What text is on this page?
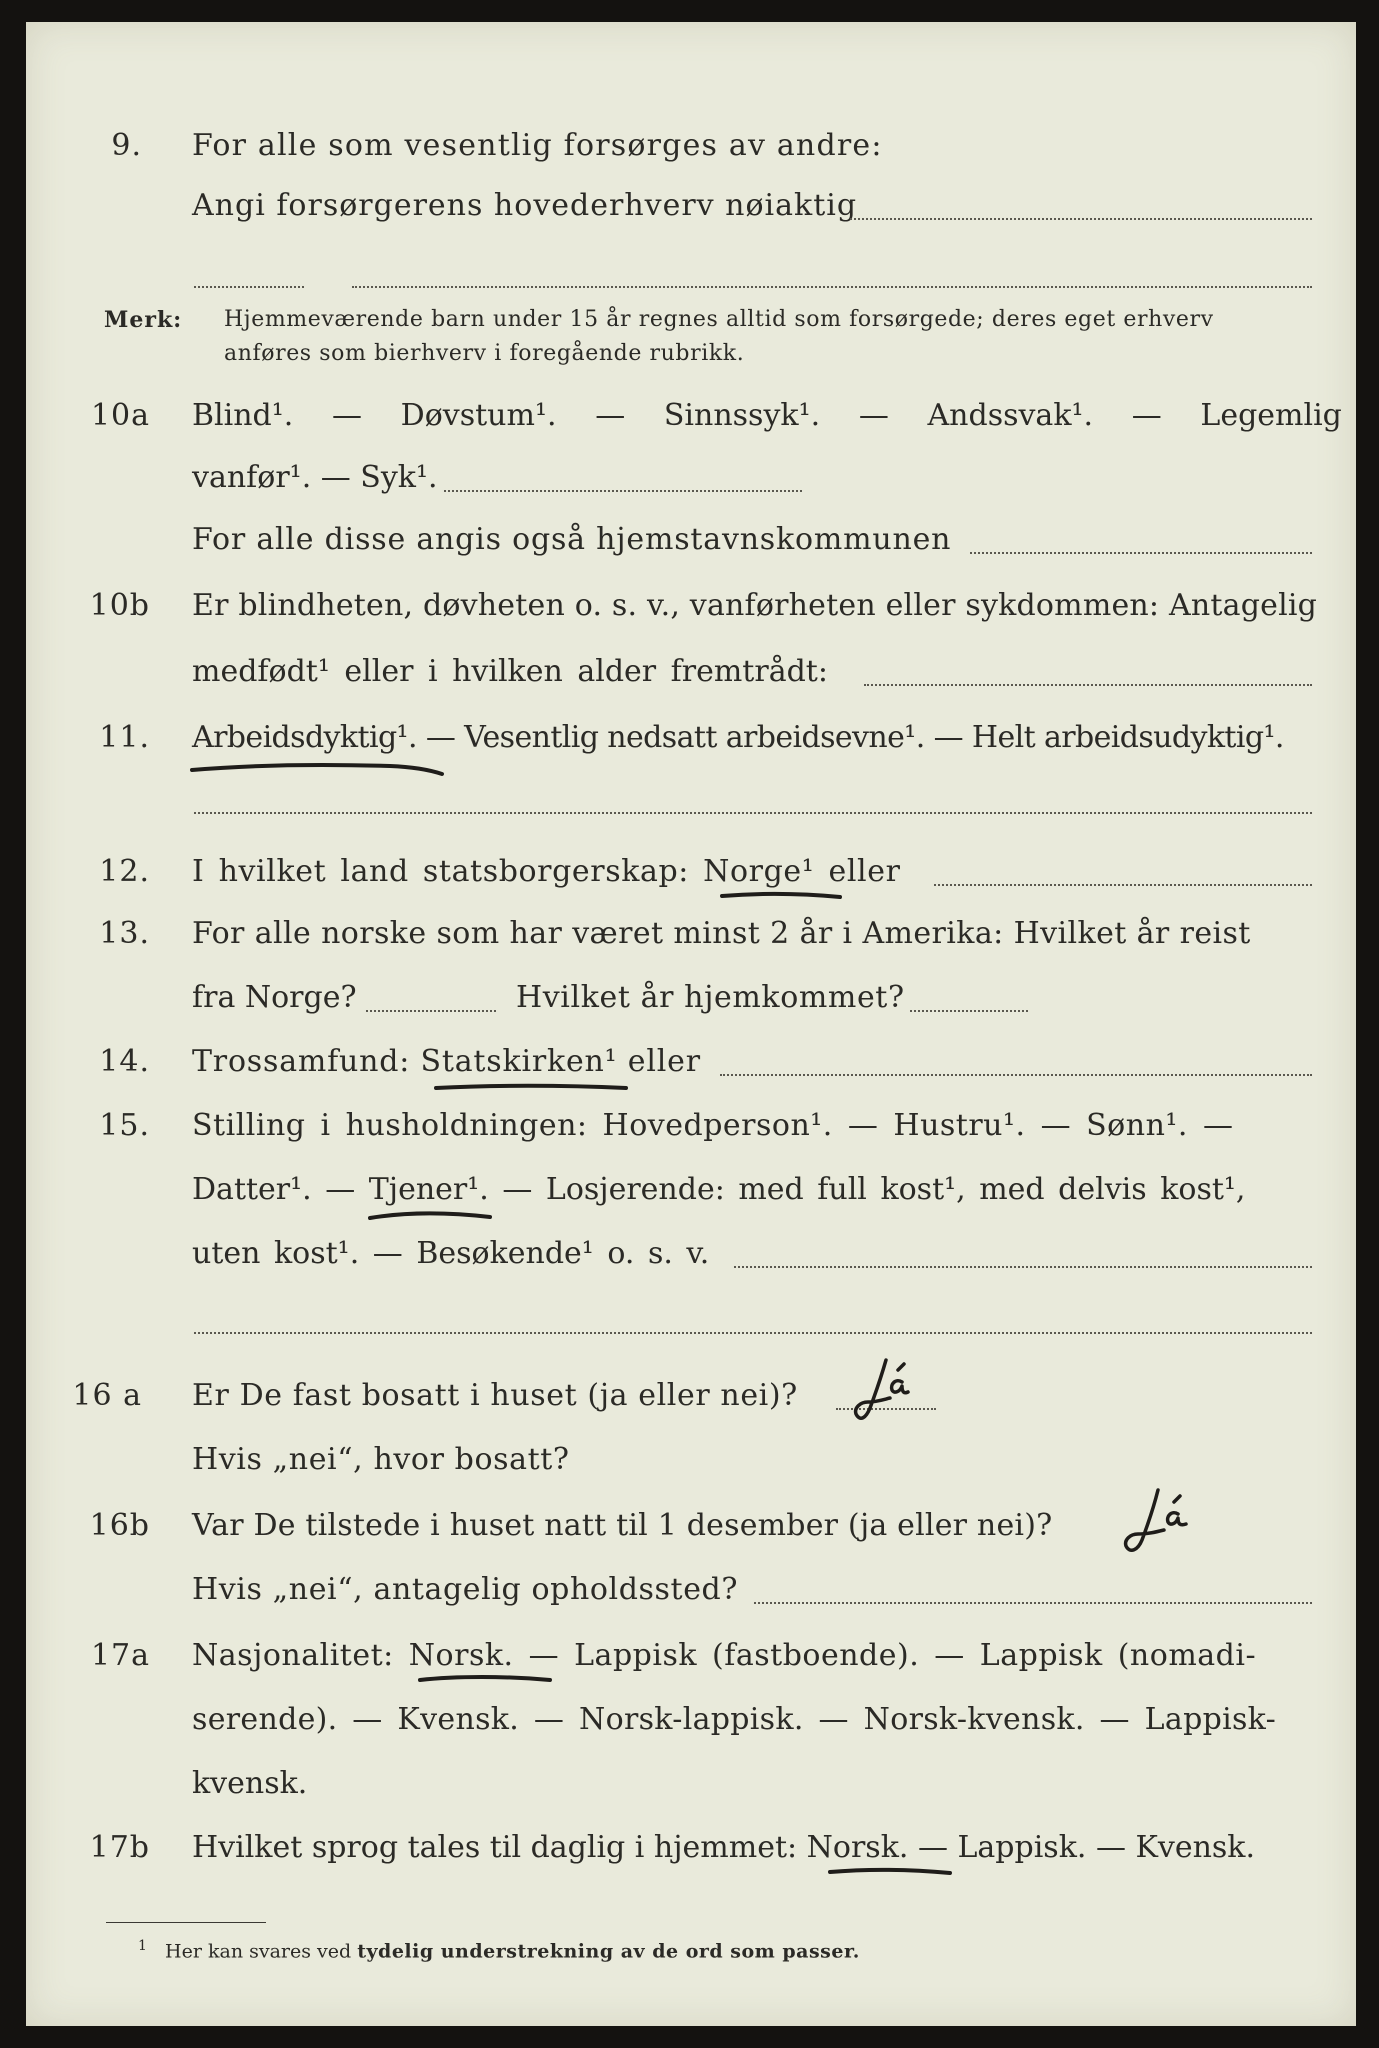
9. For alle som vesentlig forsørges av andre:
Angi forsørgerens hovederhverv nøiaktig
Merk: Hjemmeværende barn under 15 år regnes alltid som forsørgede; deres eget erhverv
anføres som bierhverv i foregående rubrikk.
10a Blind¹. — Døvstum¹. — Sinnssyk¹. — Andssvak¹. — Legemlig
vanfør¹. — Syk¹.
For alle disse angis også hjemstavnskommunen
10b Er blindheten, døvheten o. s. v., vanførheten eller sykdommen: Antagelig
medfødt¹ eller i hvilken alder fremtrådt:
11. Arbeidsdyktig¹. — Vesentlig nedsatt arbeidsevne¹. — Helt arbeidsudyktig¹.
12. I hvilket land statsborgerskap: Norge¹ eller
13. For alle norske som har været minst 2 år i Amerika: Hvilket år reist
fra Norge?	Hvilket år hjemkommet?
14. Trossamfund: Statskirken¹ eller
15. Stilling i husholdningen: Hovedperson¹. — Hustru¹. — Sønn¹. —
Datter¹. — Tjener¹. — Losjerende: med full kost¹, med delvis kost¹,
uten kost¹. — Besøkende¹ o. s. v.
16 a Er De fast bosatt i huset (ja eller nei)?
Hvis „nei“, hvor bosatt?
16b Var De tilstede i huset natt til 1 desember (ja eller nei)?
Hvis „nei“, antagelig opholdssted?
17a Nasjonalitet: Norsk. — Lappisk (fastboende). — Lappisk (nomadi-
serende). — Kvensk. — Norsk-lappisk. — Norsk-kvensk. — Lappisk-
kvensk.
17b Hvilket sprog tales til daglig i hjemmet: Norsk. — Lappisk. — Kvensk.
$^1$ Her kan svares ved tydelig understrekning av de ord som passer.
